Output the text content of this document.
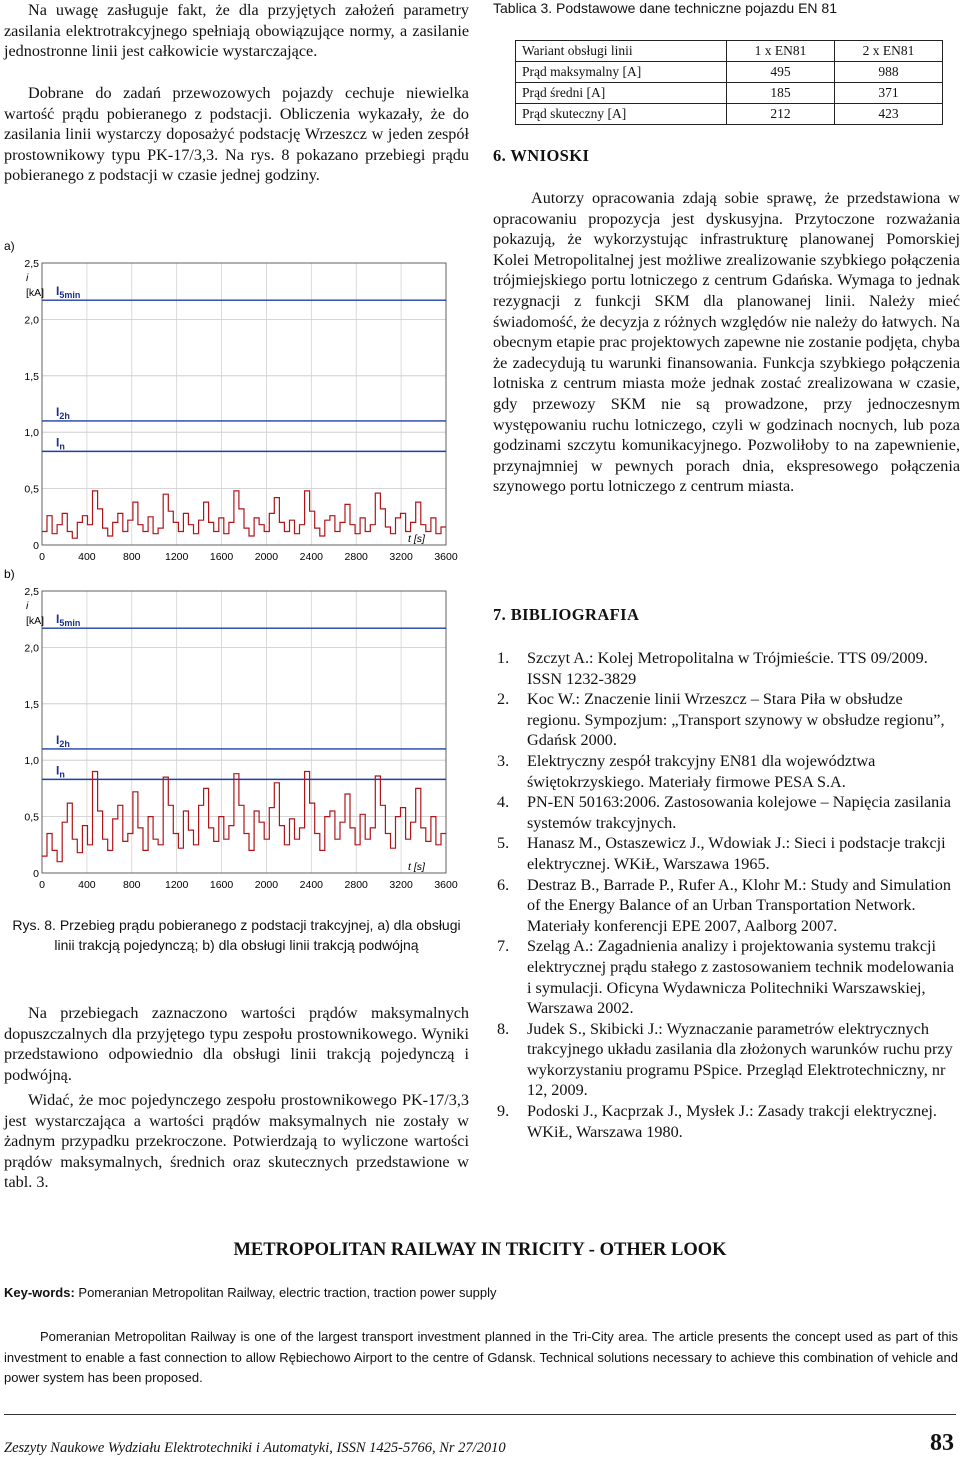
Na uwagę zasługuje fakt, że dla przyjętych założeń parametry zasilania elektrotrakcyjnego spełniają obowiązujące normy, a zasilanie jednostronne linii jest całkowicie wystarczające.

Dobrane do zadań przewozowych pojazdy cechuje niewielka wartość prądu pobieranego z podstacji. Obliczenia wykazały, że do zasilania linii wystarczy doposażyć podstację Wrzeszcz w jeden zespół prostownikowy typu PK-17/3,3. Na rys. 8 pokazano przebiegi prądu pobieranego z podstacji w czasie jednej godziny.

a)
0
0,5
1,0
1,5
2,0
2,5
0	400	800 1200 1600 2000 2400 2800 3200 3600
i
[kA]
t [s]
$I_{5min}$
$I_{2h}$
$I_n$
b)
0
0,5
1,0
1,5
2,0
2,5
0	400	800 1200 1600 2000 2400 2800 3200 3600
i
[kA]
t [s]
$I_{5min}$
$I_{2h}$
$I_n$
Rys. 8. Przebieg prądu pobieranego z podstacji trakcyjnej, a) dla obsługi linii trakcją pojedynczą; b) dla obsługi linii trakcją podwójną

Na przebiegach zaznaczono wartości prądów maksymalnych dopuszczalnych dla przyjętego typu zespołu prostownikowego. Wyniki przedstawiono odpowiednio dla obsługi linii trakcją pojedynczą i podwójną.

Widać, że moc pojedynczego zespołu prostownikowego PK-17/3,3 jest wystarczająca a wartości prądów maksymalnych nie zostały w żadnym przypadku przekroczone. Potwierdzają to wyliczone wartości prądów maksymalnych, średnich oraz skutecznych przedstawione w tabl. 3.

Tablica 3. Podstawowe dane techniczne pojazdu EN 81

Wariant obsługi linii	1 x EN81	2 x EN81
Prąd maksymalny [A]	495	988
Prąd średni [A]	185	371
Prąd skuteczny [A]	212	423
6. WNIOSKI

Autorzy opracowania zdają sobie sprawę, że przedstawiona w opracowaniu propozycja jest dyskusyjna. Przytoczone rozważania pokazują, że wykorzystując infrastrukturę planowanej Pomorskiej Kolei Metropolitalnej jest możliwe zrealizowanie szybkiego połączenia trójmiejskiego portu lotniczego z centrum Gdańska. Wymaga to jednak rezygnacji z funkcji SKM dla planowanej linii. Należy mieć świadomość, że decyzja z różnych względów nie należy do łatwych. Na obecnym etapie prac projektowych zapewne nie zostanie podjęta, chyba że zadecydują tu warunki finansowania. Funkcja szybkiego połączenia lotniska z centrum miasta może jednak zostać zrealizowana w czasie, gdy przewozy SKM nie są prowadzone, przy jednoczesnym występowaniu ruchu lotniczego, czyli w godzinach nocnych, lub poza godzinami szczytu komunikacyjnego. Pozwoliłoby to na zapewnienie, przynajmniej w pewnych porach dnia, ekspresowego połączenia szynowego portu lotniczego z centrum miasta.

7. BIBLIOGRAFIA
1. Szczyt A.: Kolej Metropolitalna w Trójmieście. TTS 09/2009. ISSN 1232-3829
2. Koc W.: Znaczenie linii Wrzeszcz – Stara Piła w obsłudze regionu. Sympozjum: „Transport szynowy w obsłudze regionu”, Gdańsk 2000.
3. Elektryczny zespół trakcyjny EN81 dla województwa świętokrzyskiego. Materiały firmowe PESA S.A.
4. PN-EN 50163:2006. Zastosowania kolejowe – Napięcia zasilania systemów trakcyjnych.
5. Hanasz M., Ostaszewicz J., Wdowiak J.: Sieci i podstacje trakcji elektrycznej. WKiŁ, Warszawa 1965.
6. Destraz B., Barrade P., Rufer A., Klohr M.: Study and Simulation of the Energy Balance of an Urban Transportation Network. Materiały konferencji EPE 2007, Aalborg 2007.
7. Szeląg A.: Zagadnienia analizy i projektowania systemu trakcji elektrycznej prądu stałego z zastosowaniem technik modelowania i symulacji. Oficyna Wydawnicza Politechniki Warszawskiej, Warszawa 2002.
8. Judek S., Skibicki J.: Wyznaczanie parametrów elektrycznych trakcyjnego układu zasilania dla złożonych warunków ruchu przy wykorzystaniu programu PSpice. Przegląd Elektrotechniczny, nr 12, 2009.
9. Podoski J., Kacprzak J., Mysłek J.: Zasady trakcji elektrycznej. WKiŁ, Warszawa 1980.
METROPOLITAN RAILWAY IN TRICITY - OTHER LOOK
Key-words: Pomeranian Metropolitan Railway, electric traction, traction power supply

Pomeranian Metropolitan Railway is one of the largest transport investment planned in the Tri-City area. The article presents the concept used as part of this investment to enable a fast connection to allow Rębiechowo Airport to the centre of Gdansk. Technical solutions necessary to achieve this combination of vehicle and power system has been proposed.

Zeszyty Naukowe Wydziału Elektrotechniki i Automatyki, ISSN 1425-5766, Nr 27/2010	83
